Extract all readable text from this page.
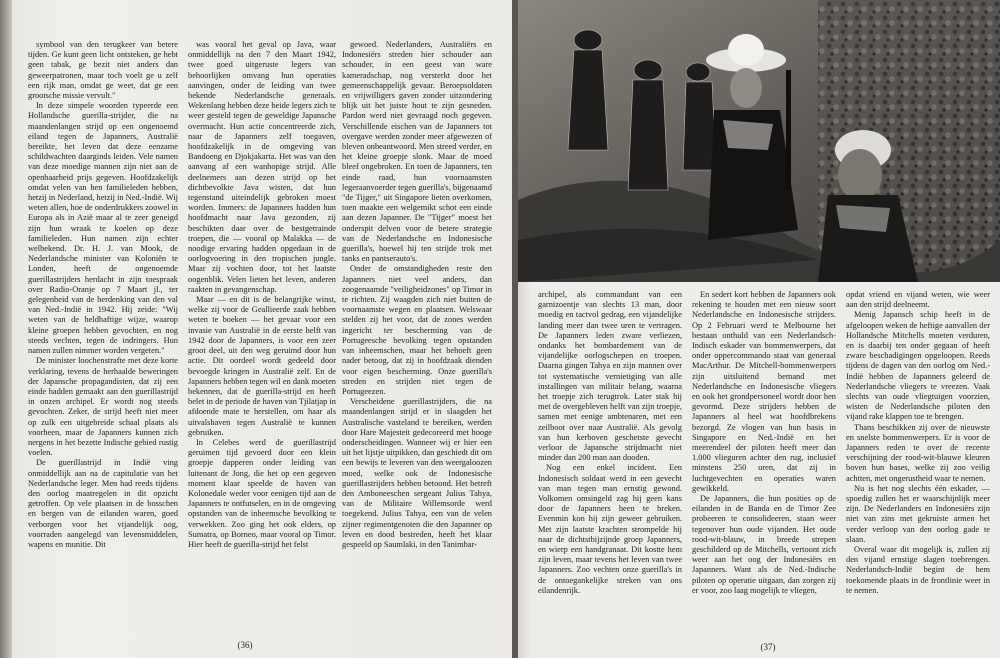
symbool van den terugkeer van betere tijden. Ge kunt geen licht ontsteken, ge hebt geen tabak, ge bezit niet anders dan geweerpatronen, maar toch voelt ge u zelf een rijk man, omdat ge weet, dat ge een grootsche missie vervult."

In deze simpele woorden typeerde een Hollandsche guerilla-strijder, die na maandenlangen strijd op een ongenoemd eiland tegen de Japanners, Australië bereikte, het leven dat deze eenzame schildwachten daarginds leiden. Vele namen van deze moedige mannen zijn niet aan de openbaarheid prijs gegeven. Hoofdzakelijk omdat velen van hen familieleden hebben, hetzij in Nederland, hetzij in Ned.-Indië. Wij weten allen, hoe de onderdrukkers zoowel in Europa als in Azië maar al te zeer geneigd zijn hun wraak te koelen op deze familieleden. Hun namen zijn echter welbekend. Dr. H. J. van Mook, de Nederlandsche minister van Koloniën te Londen, heeft de ongenoemde guerillastrijders herdacht in zijn toespraak over Radio-Oranje op 7 Maart jl., ter gelegenheid van de herdenking van den val van Ned.-Indië in 1942. Hij zeide: "Wij weten van de heldhaftige wijze, waarop kleine groepen hebben gevochten, en nog steeds vechten, tegen de indringers. Hun namen zullen nimmer worden vergeten."

De minister loochenstrafte met deze korte verklaring, tevens de herhaalde beweringen der Japansche propagandisten, dat zij een einde hadden gemaakt aan den guerillastrijd in onzen archipel. Er wordt nog steeds gevochten. Zeker, de strijd heeft niet meer op zulk een uitgebreide schaal plaats als voorheen, maar de Japanners kunnen zich nergens in het bezette Indische gebied rustig voelen.

De guerillastrijd in Indië ving onmiddellijk aan na de capitulatie van het Nederlandsche leger. Men had reeds tijdens den oorlog maatregelen in dit opzicht getroffen. Op vele plaatsen in de bosschen en bergen van de eilanden waren, goed verborgen voor het vijandelijk oog, voorraden aangelegd van levensmiddelen, wapens en munitie. Dit

was vooral het geval op Java, waar onmiddellijk na den 7 den Maart 1942, twee goed uitgeruste legers van behoorlijken omvang hun operaties aanvingen, onder de leiding van twee bekende Nederlandsche generaals. Wekenlang hebben deze beide legers zich te weer gesteld tegen de geweldige Japansche overmacht. Hun actie concentreerde zich, naar de Japanners zelf toegaven, hoofdzakelijk in de omgeving van Bandoeng en Djokjakarta. Het was van den aanvang af een wanhopige strijd. Alle deelnemers aan dezen strijd op het dichtbevolkte Java wisten, dat hun tegenstand uiteindelijk gebroken moest worden. Immers: de Japanners hadden hun hoofdmacht naar Java gezonden, zij beschikten daar over de bestgetrainde troepen, die — vooral op Malakka — de noodige ervaring hadden opgedaan in de oorlogvoering in den tropischen jungle. Maar zij vochten door, tot het laatste oogenblik. Velen lieten het leven, anderen raakten in gevangenschap.

Maar — en dit is de belangrijke winst, welke zij voor de Geallieerde zaak hebben weten te boeken — het gevaar voor een invasie van Australië in de eerste helft van 1942 door de Japanners, is voor een zeer groot deel, uit den weg geruimd door hun actie. Dit oordeel wordt gedeeld door bevoegde kringen in Australië zelf. En de Japanners hebben tegen wil en dank moeten bekennen, dat de guerilla-strijd en heeft belet in de periode de haven van Tjilatjap in afdoende mate te herstellen, om haar als uitvalshaven tegen Australië te kunnen gebruiken.

In Celebes werd de guerillastrijd geruimen tijd gevoerd door een klein groepje dapperen onder leiding van luitenant de Jong, die het op een gegeven moment klaar speelde de haven van Kolonedale weder voor eenigen tijd aan de Japanners te ontfutselen, en in de omgeving opstanden van de inheemsche bevolking te verwekken. Zoo ging het ook elders, op Sumatra, op Borneo, maar vooral op Timor. Hier heeft de guerilla-strijd het felst

gewoed. Nederlanders, Australiërs en Indonesiërs streden hier schouder aan schouder, in een geest van ware kameradschap, nog versterkt door het gemeenschappelijk gevaar. Beroepsoldaten en vrijwilligers gaven zonder uitzondering blijk uit het juiste hout te zijn gesneden. Pardon werd niet gevraagd noch gegeven. Verschillende eischen van de Japanners tot overgave werden zonder meer afgewezen of bleven onbeantwoord. Men streed verder, en het kleine groepje slonk. Maar de moed bleef ongebroken. En toen de Japanners, ten einde raad, hun voornaamsten legeraanvoerder tegen guerilla's, bijgenaamd "de Tijger," uit Singapore lieten overkomen, toen maakte een welgemikt schot een einde aan dezen Japanner. De "Tijger" moest het onderspit delven voor de betere strategie van de Nederlandsche en Indonesische guerilla's, hoewel hij ten strijde trok met tanks en pantserauto's.

Onder de omstandigheden reste den Japanners niet veel anders, dan zoogenaamde "veiligheidzones" op Timor in te richten. Zij waagden zich niet buiten de voornaamste wegen en plaatsen. Welswaar stelden zij het voor, dat de zones werden ingericht ter bescherming van de Portugeesche bevolking tegen opstanden van inheemschen, maar het behoeft geen nader betoog, dat zij in hoofdzaak dienden voor eigen bescherming. Onze guerilla's streden en strijden niet tegen de Portugeezen.

Verscheidene guerillastrijders, die na maandenlangen strijd er in slaagden het Australische vasteland te bereiken, werden door Hare Majesteit gedecoreerd met hooge onderscheidingen. Wanneer wij er hier een uit het lijstje uitpikken, dan geschiedt dit om een bewijs te leveren van den weergaloozen moed, welke ook de Indonesische guerillastrijders hebben betoond. Het betreft den Amboneeschen sergeant Julius Tahya, van de Militaire Willemsorde werd toegekend. Julius Tahya, een van de velen zijner regimentgenoten die den Japanner op leven en dood bestreden, heeft het klaar gespeeld op Saumlaki, in den Tanimbar-

(36)

archipel, als commandant van een garnizoentje van slechts 13 man, door moedig en tactvol gedrag, een vijandelijke landing meer dan twee uren te vertragen. De Japanners leden zware verliezen, ondanks het bombardement van de vijandelijke oorlogschepen en troepen. Daarna gingen Tahya en zijn mannen over tot systematische vernietiging van alle installingen van militair belang, waarna het troepje zich terugtrok. Later stak hij met de overgebleven helft van zijn troepje, samen met eenige ambtenaren, met een zeilboot over naar Australië. Als gevolg van hun kerboven geschetste gevecht verloor de Japansche strijdmacht niet minder dan 200 man aan dooden.

Nog een enkel incident. Een Indonesisch soldaat werd in een gevecht van man tegen man ernstig gewond. Volkomen omsingeld zag hij geen kans door de Japanners heen te breken. Evenmin kon hij zijn geweer gebruiken. Met zijn laatste krachten strompelde hij naar de dichtstbijzijnde groep Japanners, en wierp een handgranaat. Dit kostte hem zijn leven, maar tevens het leven van twee Japanners. Zoo vechten onze guerilla's in de ontoegankelijke streken van ons eilandenrijk.

En sedert kort hebben de Japanners ook rekening te houden met een nieuw soort Nederlandsche en Indonesische strijders. Op 2 Februari werd te Melbourne het bestaan onthuld van een Nederlandsch-Indisch eskader van bommenwerpers, dat onder oppercommando staat van generaal MacArthur. De Mitchell-bommenwerpers zijn uitsluitend bemand met Nederlandsche en Indonesische vliegers en ook het grondpersoneel wordt door hen gevormd. Deze strijders hebben de Japanners al heel wat hoofdbrekens bezorgd. Ze vlogen van hun basis in Singapore en Ned.-Indië en het meerendeel der piloten heeft meer dan 1.000 vlieguren achter den rug, inclusief minstens 250 uren, dat zij in luchtgevechten en operaties waren gewikkeld.

De Japanners, die hun posities op de eilanden in de Banda en de Timor Zee probeeren te consolideeren, staan weer tegenover hun oude vijanden. Het oude rood-wit-blauw, in breede strepen geschilderd op de Mitchells, vertoont zich weer aan het oog der Indonesiërs en Japanners. Want als de Ned.-Indische piloten op operatie uitgaan, dan zorgen zij er voor, zoo laag mogelijk te vliegen,

opdat vriend en vijand weten, wie weer aan den strijd deelneemt.

Menig Japansch schip heeft in de afgeloopen weken de heftige aanvallen der Hollandsche Mitchells moeten verduren, en is daarbij ten onder gegaan of heeft zware beschadigingen opgeloopen. Reeds tijdens de dagen van den oorlog om Ned.-Indië hebben de Japanners geleerd de Nederlandsche vliegers te vreezen. Vaak slechts van oude vliegtuigen voorzien, wisten de Nederlandsche piloten den vijand rake klappen toe te brengen.

Thans beschikken zij over de nieuwste en snelste bommenwerpers. Er is voor de Japanners reden te over de recente verschijning der rood-wit-blauwe kleuren boven hun bases, welke zij zoo veilig achtten, met ongerustheid waar te nemen.

Nu is het nog slechts één eskader, — spoedig zullen het er waarschijnlijk meer zijn. De Nederlanders en Indonesiërs zijn niet van zins met gekruiste armen het verder verloop van den oorlog gade te slaan.

Overal waar dit mogelijk is, zullen zij den vijand ernstige slagen toebrengen. Nederlandsch-Indië begint de hem toekomende plaats in de frontlinie weer in te nemen.

(37)
